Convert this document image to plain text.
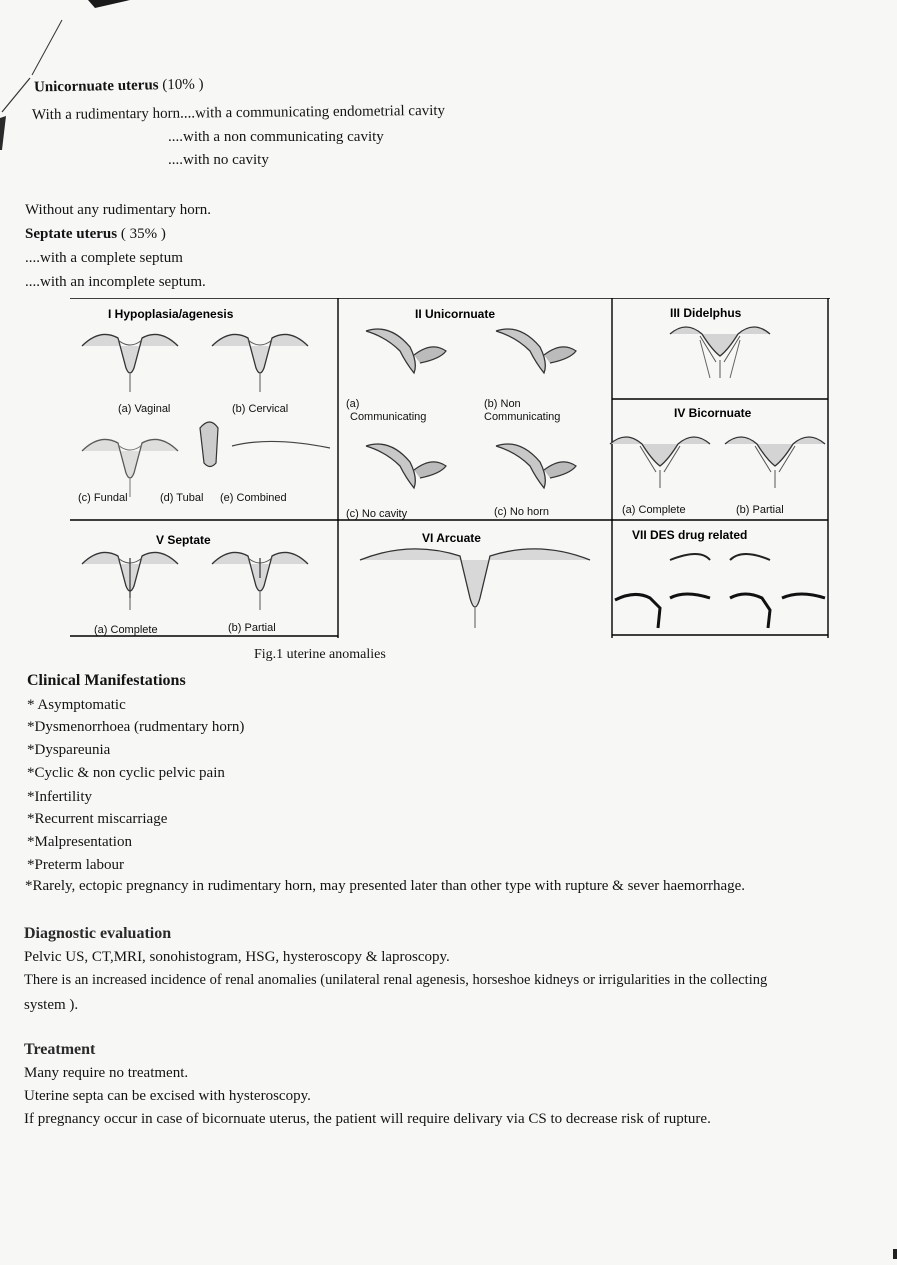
Unicornuate uterus (10% )
With a rudimentary horn....with a communicating endometrial cavity
....with a non communicating cavity
....with no cavity
Without any rudimentary horn.
Septate uterus ( 35% )
....with a complete septum
....with an incomplete septum.
I Hypoplasia/agenesis
(a) Vaginal	(b) Cervical
(c) Fundal	(d) Tubal (e) Combined
II Unicornuate
(a)
Communicating
(b) Non
Communicating
(c) No cavity	(c) No horn
III Didelphus
IV Bicornuate
(a) Complete	(b) Partial
V Septate
(a) Complete	(b) Partial
VI Arcuate	VII DES drug related
Fig.1 uterine anomalies
Clinical Manifestations
* Asymptomatic
*Dysmenorrhoea (rudmentary horn)
*Dyspareunia
*Cyclic & non cyclic pelvic pain
*Infertility
*Recurrent miscarriage
*Malpresentation
*Preterm labour
*Rarely, ectopic pregnancy in rudimentary horn, may presented later than other type with rupture & sever haemorrhage.
Diagnostic evaluation
Pelvic US, CT,MRI, sonohistogram, HSG, hysteroscopy & laproscopy.
There is an increased incidence of renal anomalies (unilateral renal agenesis, horseshoe kidneys or irrigularities in the collecting
system ).
Treatment
Many require no treatment.
Uterine septa can be excised with hysteroscopy.
If pregnancy occur in case of bicornuate uterus, the patient will require delivary via CS to decrease risk of rupture.
